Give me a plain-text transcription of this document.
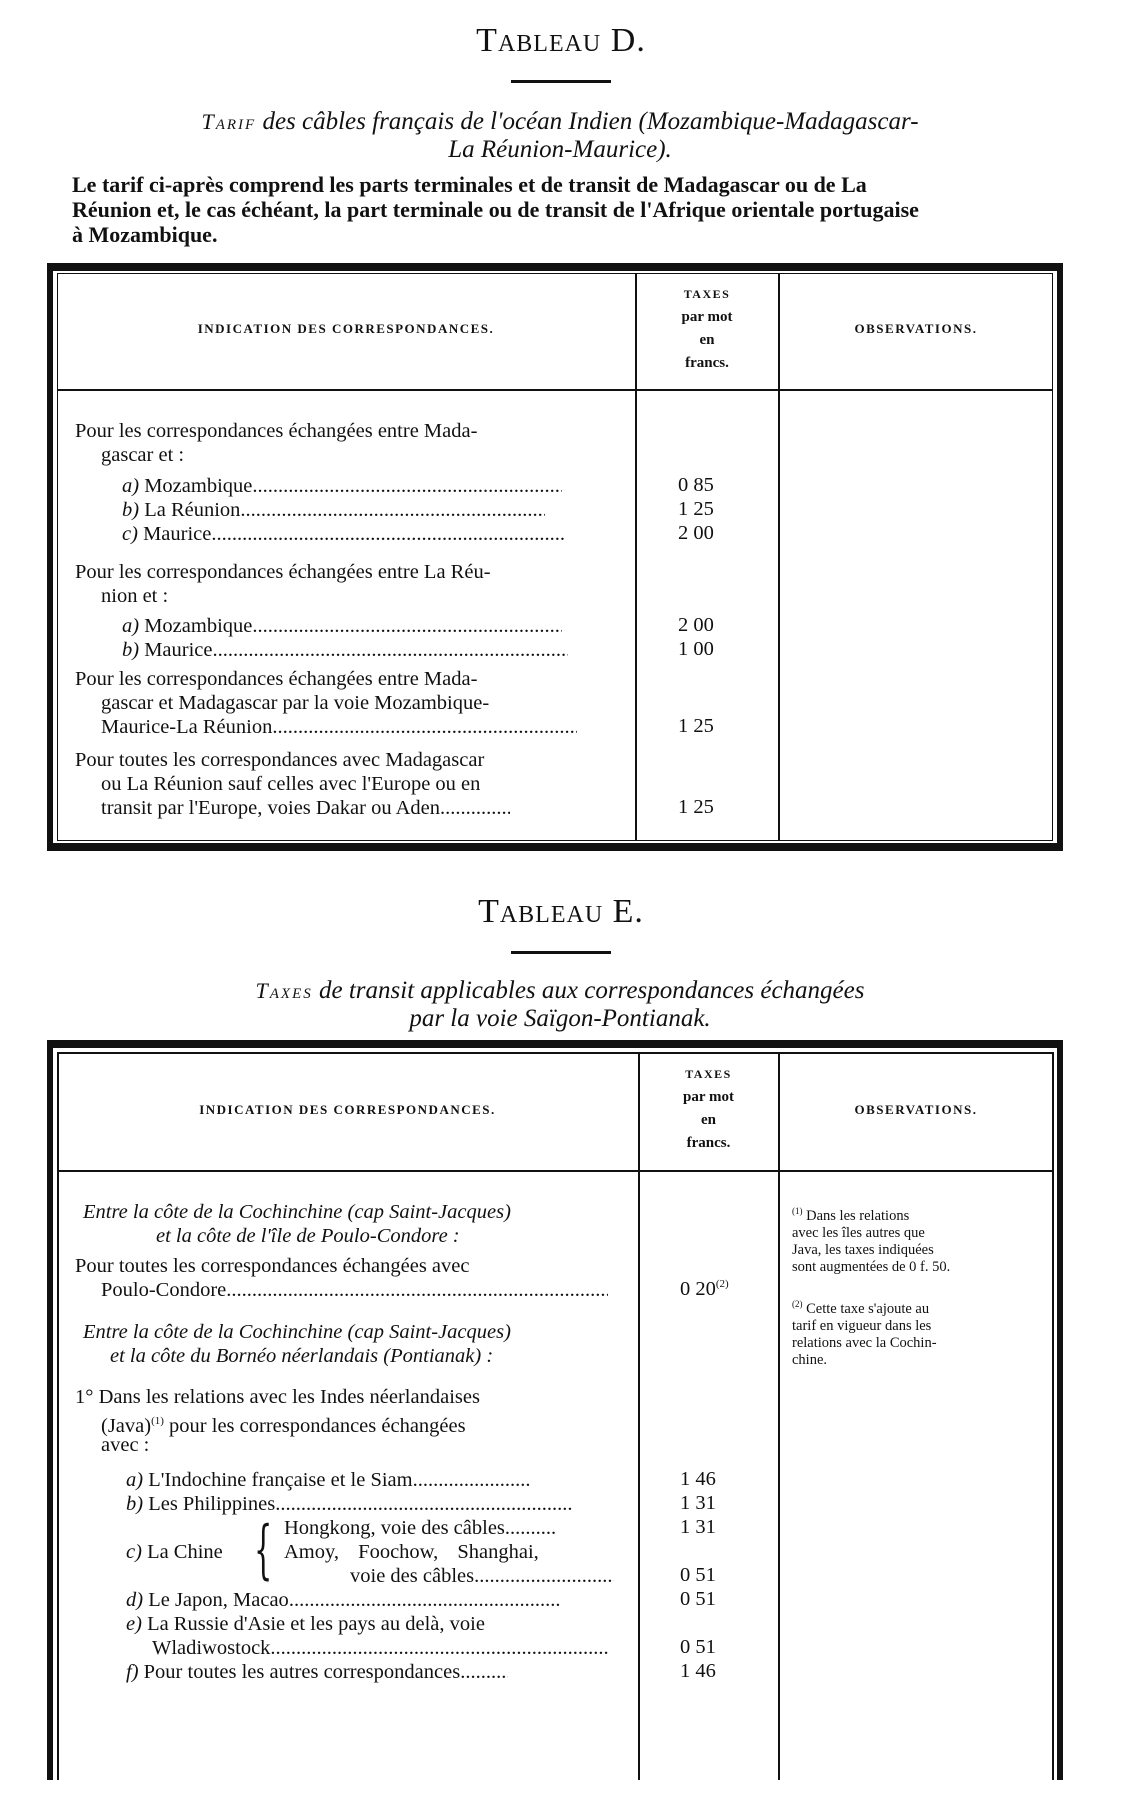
Tableau D.
Tarif des câbles français de l'océan Indien (Mozambique-Madagascar-
La Réunion-Maurice).
Le tarif ci-après comprend les parts terminales et de transit de Madagascar ou de La
Réunion et, le cas échéant, la part terminale ou de transit de l'Afrique orientale portugaise
à Mozambique.
INDICATION DES CORRESPONDANCES.
TAXES
par mot
en
francs.
OBSERVATIONS.
Pour les correspondances échangées entre Mada-
gascar et :
a) Mozambique .....	0 85
b) La Réunion .....	1 25
c) Maurice .....	2 00
Pour les correspondances échangées entre La Réu-
nion et :
a) Mozambique .....	2 00
b) Maurice .....	1 00
Pour les correspondances échangées entre Mada-
gascar et Madagascar par la voie Mozambique-
Maurice-La Réunion .....	1 25
Pour toutes les correspondances avec Madagascar
ou La Réunion sauf celles avec l'Europe ou en
transit par l'Europe, voies Dakar ou Aden .....	1 25
Tableau E.
Taxes de transit applicables aux correspondances échangées
par la voie Saïgon-Pontianak.
INDICATION DES CORRESPONDANCES.
TAXES
par mot
en
francs.
OBSERVATIONS.
Entre la côte de la Cochinchine (cap Saint-Jacques)
et la côte de l'île de Poulo-Condore :
Pour toutes les correspondances échangées avec
Poulo-Condore .....	0 20$^{(2)}$
Entre la côte de la Cochinchine (cap Saint-Jacques)
et la côte du Bornéo néerlandais (Pontianak) :
1° Dans les relations avec les Indes néerlandaises
(Java)$^{(1)}$ pour les correspondances échangées
avec :
a) L'Indochine française et le Siam .....	1 46
b) Les Philippines .....	1 31
c) La Chine { Hongkong, voie des câbles .....	1 31
Amoy, Foochow, Shanghai,
voie des câbles .....	0 51
d) Le Japon, Macao .....	0 51
e) La Russie d'Asie et les pays au delà, voie
Wladiwostock .....	0 51
f) Pour toutes les autres correspondances .....	1 46
$^{(1)}$ Dans les relations
avec les îles autres que
Java, les taxes indiquées
sont augmentées de 0 f. 50.
$^{(2)}$ Cette taxe s'ajoute au
tarif en vigueur dans les
relations avec la Cochin-
chine.
